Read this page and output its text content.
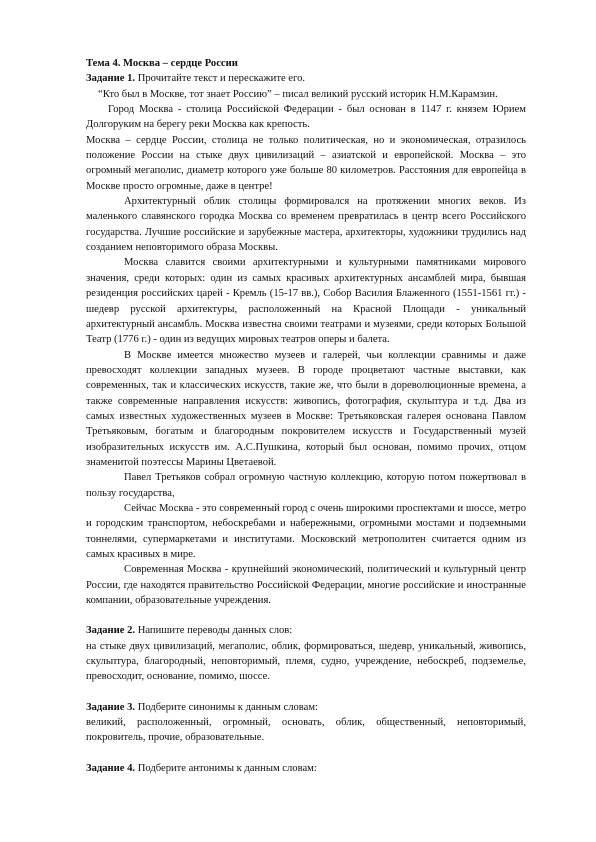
Тема 4. Москва – сердце России

Задание 1. Прочитайте текст и перескажите его.

“Кто был в Москве, тот знает Россию” – писал великий русский историк Н.М.Карамзин.

Город Москва - столица Российской Федерации - был основан в 1147 г. князем Юрием Долгоруким на берегу реки Москва как крепость.

Москва – сердце России, столица не только политическая, но и экономическая, отразилось положение России на стыке двух цивилизаций – азиатской и европейской. Москва – это огромный мегаполис, диаметр которого уже больше 80 километров. Расстояния для европейца в Москве просто огромные, даже в центре!

Архитектурный облик столицы формировался на протяжении многих веков. Из маленького славянского городка Москва со временем превратилась в центр всего Российского государства. Лучшие российские и зарубежные мастера, архитекторы, художники трудились над созданием неповторимого образа Москвы.

Москва славится своими архитектурными и культурными памятниками мирового значения, среди которых: один из самых красивых архитектурных ансамблей мира, бывшая резиденция российских царей - Кремль (15-17 вв.), Собор Василия Блаженного (1551-1561 гг.) - шедевр русской архитектуры, расположенный на Красной Площади - уникальный архитектурный ансамбль. Москва известна своими театрами и музеями, среди которых Большой Театр (1776 г.) - один из ведущих мировых театров оперы и балета.

В Москве имеется множество музеев и галерей, чьи коллекции сравнимы и даже превосходят коллекции западных музеев. В городе процветают частные выставки, как современных, так и классических искусств, такие же, что были в дореволюционные времена, а также современные направления искусств: живопись, фотография, скульптура и т.д. Два из самых известных художественных музеев в Москве: Третьяковская галерея основана Павлом Третьяковым, богатым и благородным покровителем искусств и Государственный музей изобразительных искусств им. А.С.Пушкина, который был основан, помимо прочих, отцом знаменитой поэтессы Марины Цветаевой.

Павел Третьяков собрал огромную частную коллекцию, которую потом пожертвовал в пользу государства,

Сейчас Москва - это современный город с очень широкими проспектами и шоссе, метро и городским транспортом, небоскребами и набережными, огромными мостами и подземными тоннелями, супермаркетами и институтами. Московский метрополитен считается одним из самых красивых в мире.

Современная Москва - крупнейший экономический, политический и культурный центр России, где находятся правительство Российской Федерации, многие российские и иностранные компании, образовательные учреждения.

Задание 2. Напишите переводы данных слов:

на стыке двух цивилизаций, мегаполис, облик, формироваться, шедевр, уникальный, живопись, скульптура, благородный, неповторимый, племя, судно, учреждение, небоскреб, подземелье, превосходит, основание, помимо, шоссе.

Задание 3. Подберите синонимы к данным словам:

великий, расположенный, огромный, основать, облик, общественный, неповторимый, покровитель, прочие, образовательные.

Задание 4. Подберите антонимы к данным словам:
